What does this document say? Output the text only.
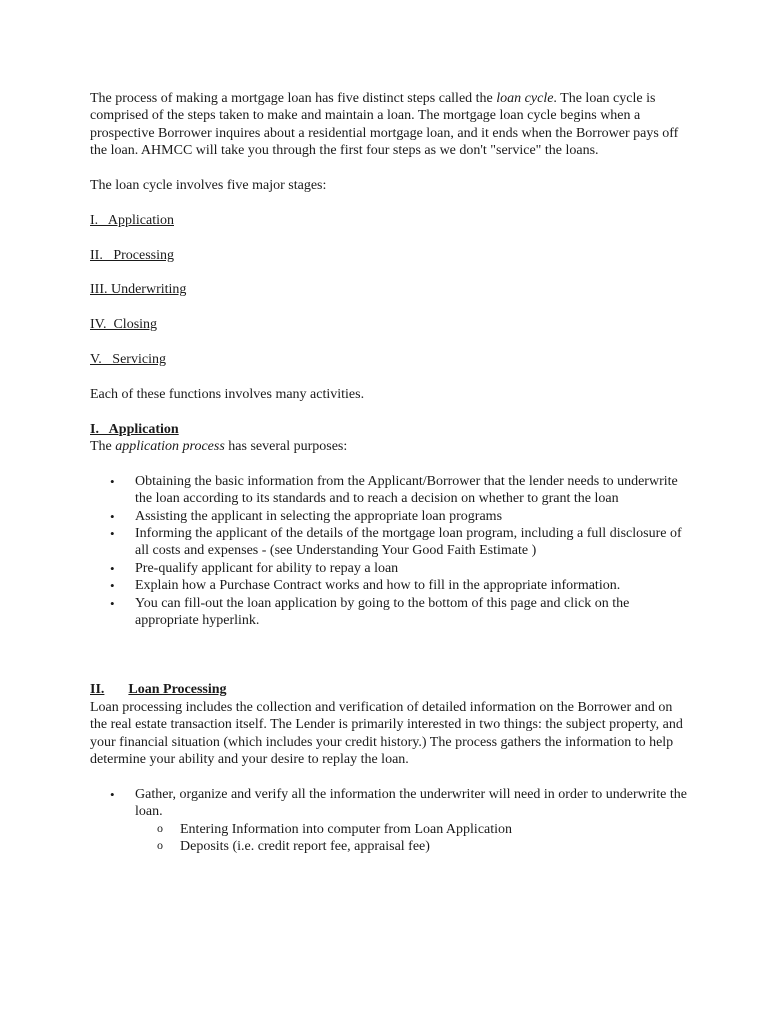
The process of making a mortgage loan has five distinct steps called the loan cycle. The loan cycle is comprised of the steps taken to make and maintain a loan. The mortgage loan cycle begins when a prospective Borrower inquires about a residential mortgage loan, and it ends when the Borrower pays off the loan. AHMCC will take you through the first four steps as we don't "service" the loans.

The loan cycle involves five major stages:

I.   Application

II.   Processing

III. Underwriting

IV.  Closing

V.   Servicing

Each of these functions involves many activities.

I.   Application

The application process has several purposes:

• Obtaining the basic information from the Applicant/Borrower that the lender needs to underwrite the loan according to its standards and to reach a decision on whether to grant the loan
• Assisting the applicant in selecting the appropriate loan programs
• Informing the applicant of the details of the mortgage loan program, including a full disclosure of all costs and expenses - (see Understanding Your Good Faith Estimate )
• Pre-qualify applicant for ability to repay a loan
• Explain how a Purchase Contract works and how to fill in the appropriate information.
• You can fill-out the loan application by going to the bottom of this page and click on the appropriate hyperlink.

II. Loan Processing

Loan processing includes the collection and verification of detailed information on the Borrower and on the real estate transaction itself. The Lender is primarily interested in two things: the subject property, and your financial situation (which includes your credit history.) The process gathers the information to help determine your ability and your desire to replay the loan.

• Gather, organize and verify all the information the underwriter will need in order to underwrite the loan.
o Entering Information into computer from Loan Application
o Deposits (i.e. credit report fee, appraisal fee)
